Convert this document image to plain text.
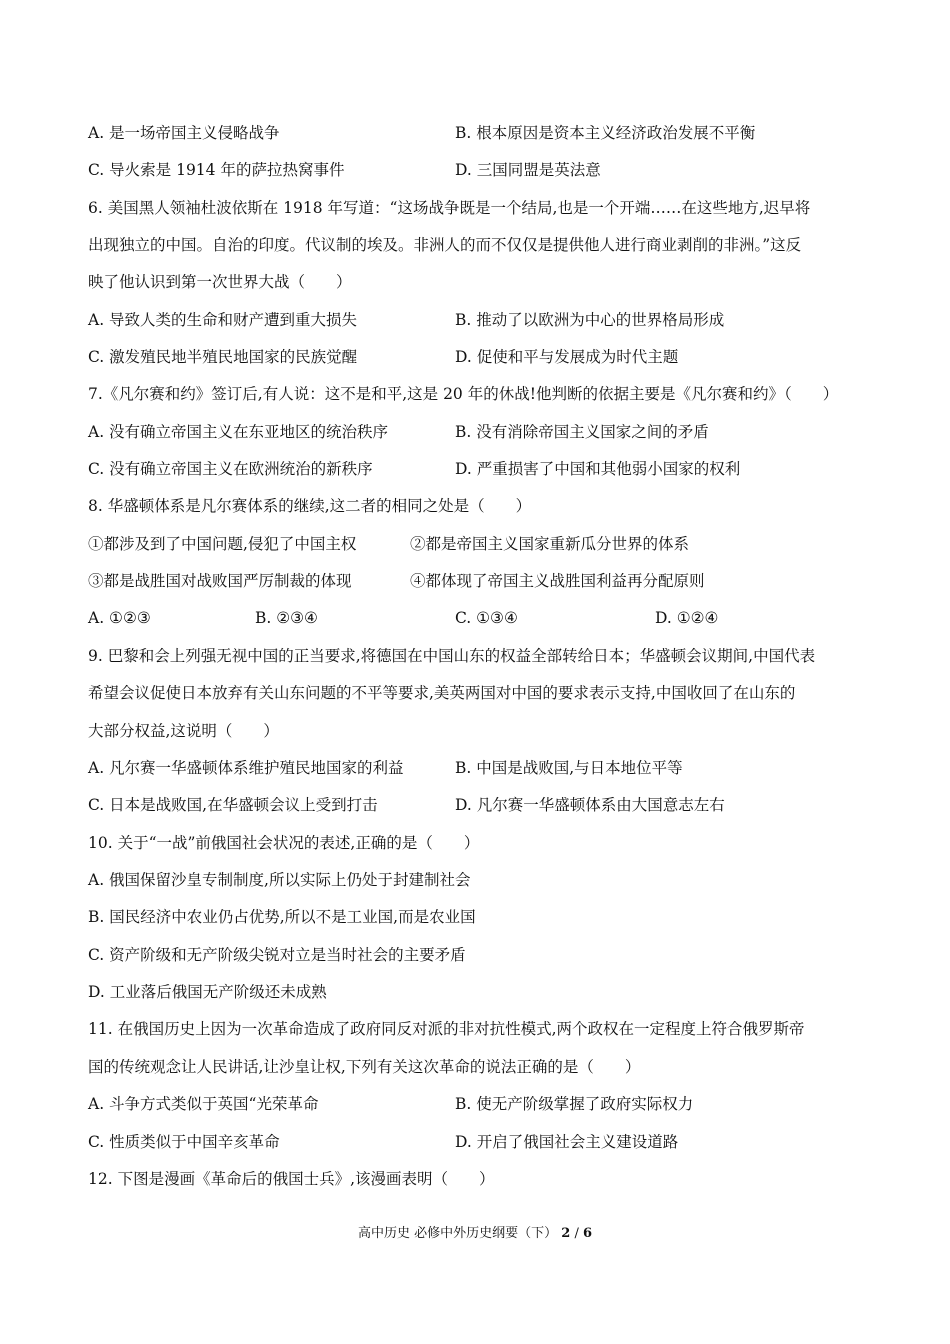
A. 是一场帝国主义侵略战争	B. 根本原因是资本主义经济政治发展不平衡
C. 导火索是 1914 年的萨拉热窝事件	D. 三国同盟是英法意
6. 美国黑人领袖杜波依斯在 1918 年写道：“这场战争既是一个结局,也是一个开端……在这些地方,迟早将
出现独立的中国。自治的印度。代议制的埃及。非洲人的而不仅仅是提供他人进行商业剥削的非洲。”这反
映了他认识到第一次世界大战（　　）
A. 导致人类的生命和财产遭到重大损失	B. 推动了以欧洲为中心的世界格局形成
C. 激发殖民地半殖民地国家的民族觉醒	D. 促使和平与发展成为时代主题
7.《凡尔赛和约》签订后,有人说：这不是和平,这是 20 年的休战!他判断的依据主要是《凡尔赛和约》（　　）
A. 没有确立帝国主义在东亚地区的统治秩序	B. 没有消除帝国主义国家之间的矛盾
C. 没有确立帝国主义在欧洲统治的新秩序	D. 严重损害了中国和其他弱小国家的权利
8. 华盛顿体系是凡尔赛体系的继续,这二者的相同之处是（　　）
①都涉及到了中国问题,侵犯了中国主权	②都是帝国主义国家重新瓜分世界的体系
③都是战胜国对战败国严厉制裁的体现	④都体现了帝国主义战胜国利益再分配原则
A. ①②③	B. ②③④	C. ①③④	D. ①②④
9. 巴黎和会上列强无视中国的正当要求,将德国在中国山东的权益全部转给日本；华盛顿会议期间,中国代表
希望会议促使日本放弃有关山东问题的不平等要求,美英两国对中国的要求表示支持,中国收回了在山东的
大部分权益,这说明（　　）
A. 凡尔赛一华盛顿体系维护殖民地国家的利益	B. 中国是战败国,与日本地位平等
C. 日本是战败国,在华盛顿会议上受到打击	D. 凡尔赛一华盛顿体系由大国意志左右
10. 关于“一战”前俄国社会状况的表述,正确的是（　　）
A. 俄国保留沙皇专制制度,所以实际上仍处于封建制社会
B. 国民经济中农业仍占优势,所以不是工业国,而是农业国
C. 资产阶级和无产阶级尖锐对立是当时社会的主要矛盾
D. 工业落后俄国无产阶级还未成熟
11. 在俄国历史上因为一次革命造成了政府同反对派的非对抗性模式,两个政权在一定程度上符合俄罗斯帝
国的传统观念让人民讲话,让沙皇让权,下列有关这次革命的说法正确的是（　　）
A. 斗争方式类似于英国“光荣革命	B. 使无产阶级掌握了政府实际权力
C. 性质类似于中国辛亥革命	D. 开启了俄国社会主义建设道路
12. 下图是漫画《革命后的俄国士兵》,该漫画表明（　　）
高中历史 必修中外历史纲要（下） 2 / 6
